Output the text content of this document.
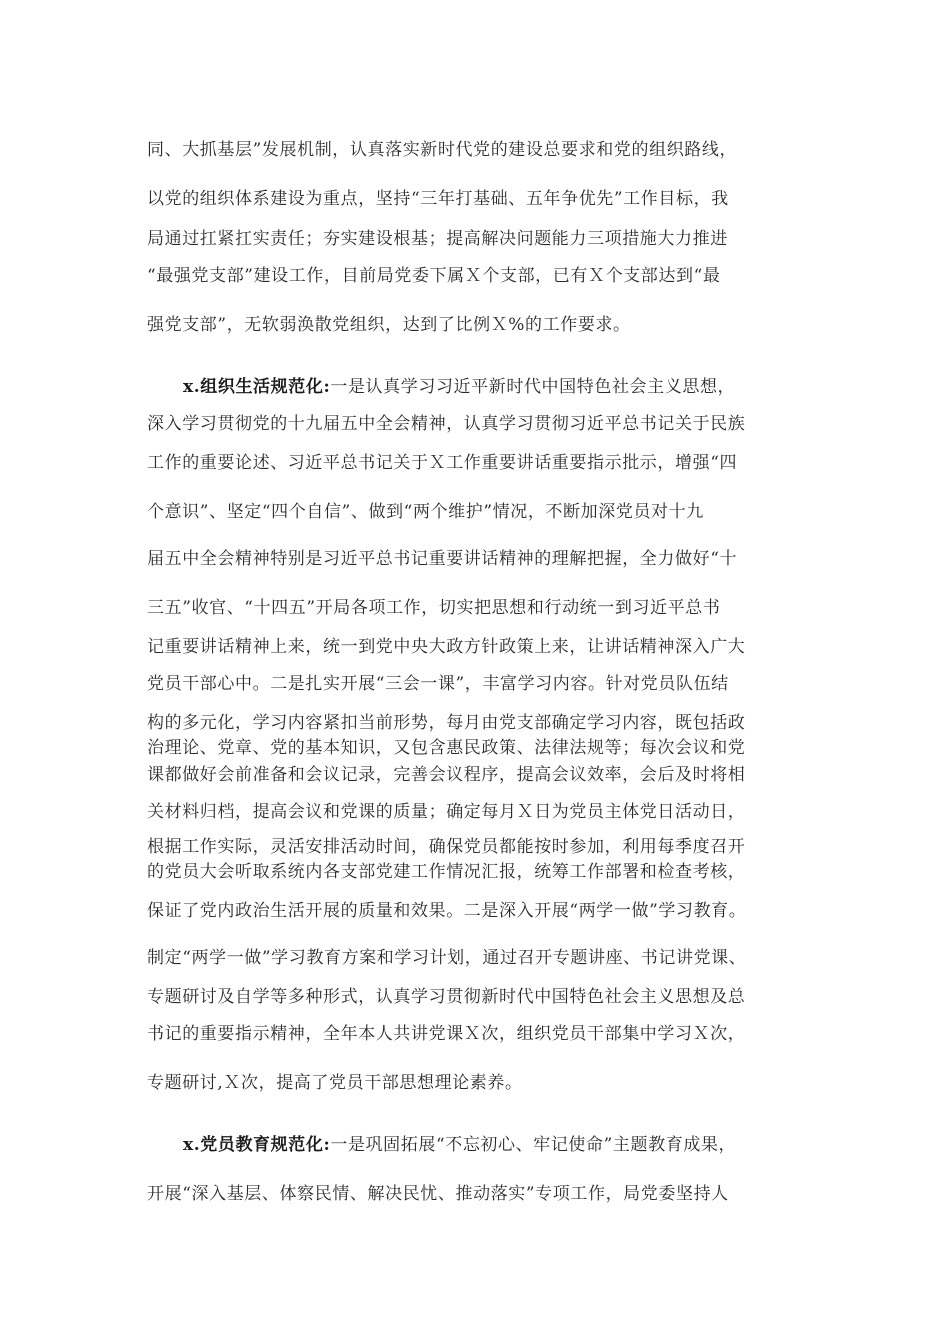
同、大抓基层”发展机制，认真落实新时代党的建设总要求和党的组织路线，
以党的组织体系建设为重点，坚持“三年打基础、五年争优先”工作目标，我
局通过扛紧扛实责任；夯实建设根基；提高解决问题能力三项措施大力推进
“最强党支部”建设工作，目前局党委下属Ｘ个支部，已有Ｘ个支部达到“最
强党支部”，无软弱涣散党组织，达到了比例Ｘ%的工作要求。
x.组织生活规范化:一是认真学习习近平新时代中国特色社会主义思想，
深入学习贯彻党的十九届五中全会精神，认真学习贯彻习近平总书记关于民族
工作的重要论述、习近平总书记关于Ｘ工作重要讲话重要指示批示，增强“四
个意识”、坚定“四个自信”、做到“两个维护”情况，不断加深党员对十九
届五中全会精神特别是习近平总书记重要讲话精神的理解把握，全力做好“十
三五”收官、“十四五”开局各项工作，切实把思想和行动统一到习近平总书
记重要讲话精神上来，统一到党中央大政方针政策上来，让讲话精神深入广大
党员干部心中。二是扎实开展“三会一课”，丰富学习内容。针对党员队伍结
构的多元化，学习内容紧扣当前形势，每月由党支部确定学习内容，既包括政
治理论、党章、党的基本知识，又包含惠民政策、法律法规等；每次会议和党
课都做好会前准备和会议记录，完善会议程序，提高会议效率，会后及时将相
关材料归档，提高会议和党课的质量；确定每月Ｘ日为党员主体党日活动日，
根据工作实际，灵活安排活动时间，确保党员都能按时参加，利用每季度召开
的党员大会听取系统内各支部党建工作情况汇报，统筹工作部署和检查考核，
保证了党内政治生活开展的质量和效果。二是深入开展“两学一做”学习教育。
制定“两学一做”学习教育方案和学习计划，通过召开专题讲座、书记讲党课、
专题研讨及自学等多种形式，认真学习贯彻新时代中国特色社会主义思想及总
书记的重要指示精神，全年本人共讲党课Ｘ次，组织党员干部集中学习Ｘ次，
专题研讨,Ｘ次，提高了党员干部思想理论素养。
x.党员教育规范化:一是巩固拓展“不忘初心、牢记使命”主题教育成果，
开展“深入基层、体察民情、解决民忧、推动落实”专项工作，局党委坚持人
